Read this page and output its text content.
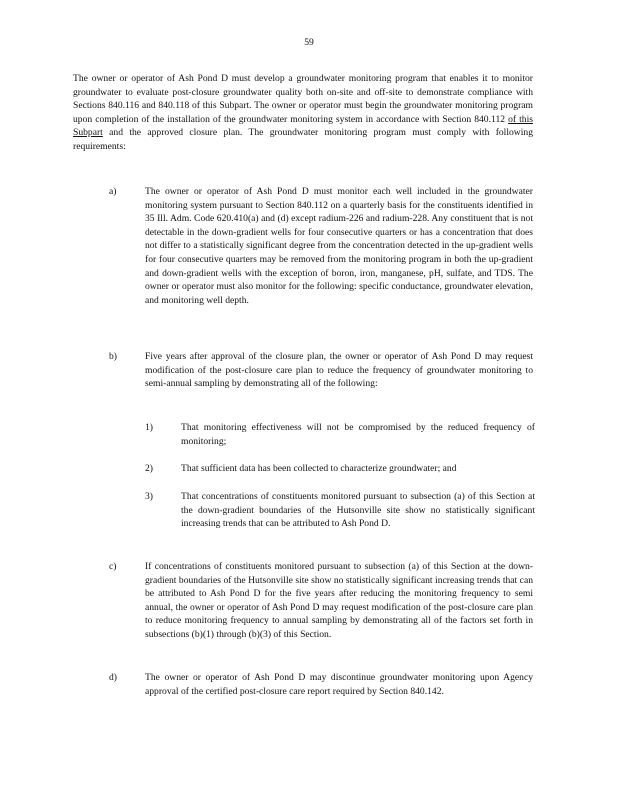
59
The owner or operator of Ash Pond D must develop a groundwater monitoring program that enables it to monitor groundwater to evaluate post-closure groundwater quality both on-site and off-site to demonstrate compliance with Sections 840.116 and 840.118 of this Subpart. The owner or operator must begin the groundwater monitoring program upon completion of the installation of the groundwater monitoring system in accordance with Section 840.112 of this Subpart and the approved closure plan. The groundwater monitoring program must comply with following requirements:
a)	The owner or operator of Ash Pond D must monitor each well included in the groundwater monitoring system pursuant to Section 840.112 on a quarterly basis for the constituents identified in 35 Ill. Adm. Code 620.410(a) and (d) except radium-226 and radium-228. Any constituent that is not detectable in the down-gradient wells for four consecutive quarters or has a concentration that does not differ to a statistically significant degree from the concentration detected in the up-gradient wells for four consecutive quarters may be removed from the monitoring program in both the up-gradient and down-gradient wells with the exception of boron, iron, manganese, pH, sulfate, and TDS. The owner or operator must also monitor for the following: specific conductance, groundwater elevation, and monitoring well depth.
b)	Five years after approval of the closure plan, the owner or operator of Ash Pond D may request modification of the post-closure care plan to reduce the frequency of groundwater monitoring to semi-annual sampling by demonstrating all of the following:
1)	That monitoring effectiveness will not be compromised by the reduced frequency of monitoring;
2)	That sufficient data has been collected to characterize groundwater; and
3)	That concentrations of constituents monitored pursuant to subsection (a) of this Section at the down-gradient boundaries of the Hutsonville site show no statistically significant increasing trends that can be attributed to Ash Pond D.
c)	If concentrations of constituents monitored pursuant to subsection (a) of this Section at the down-gradient boundaries of the Hutsonville site show no statistically significant increasing trends that can be attributed to Ash Pond D for the five years after reducing the monitoring frequency to semi annual, the owner or operator of Ash Pond D may request modification of the post-closure care plan to reduce monitoring frequency to annual sampling by demonstrating all of the factors set forth in subsections (b)(1) through (b)(3) of this Section.
d)	The owner or operator of Ash Pond D may discontinue groundwater monitoring upon Agency approval of the certified post-closure care report required by Section 840.142.
